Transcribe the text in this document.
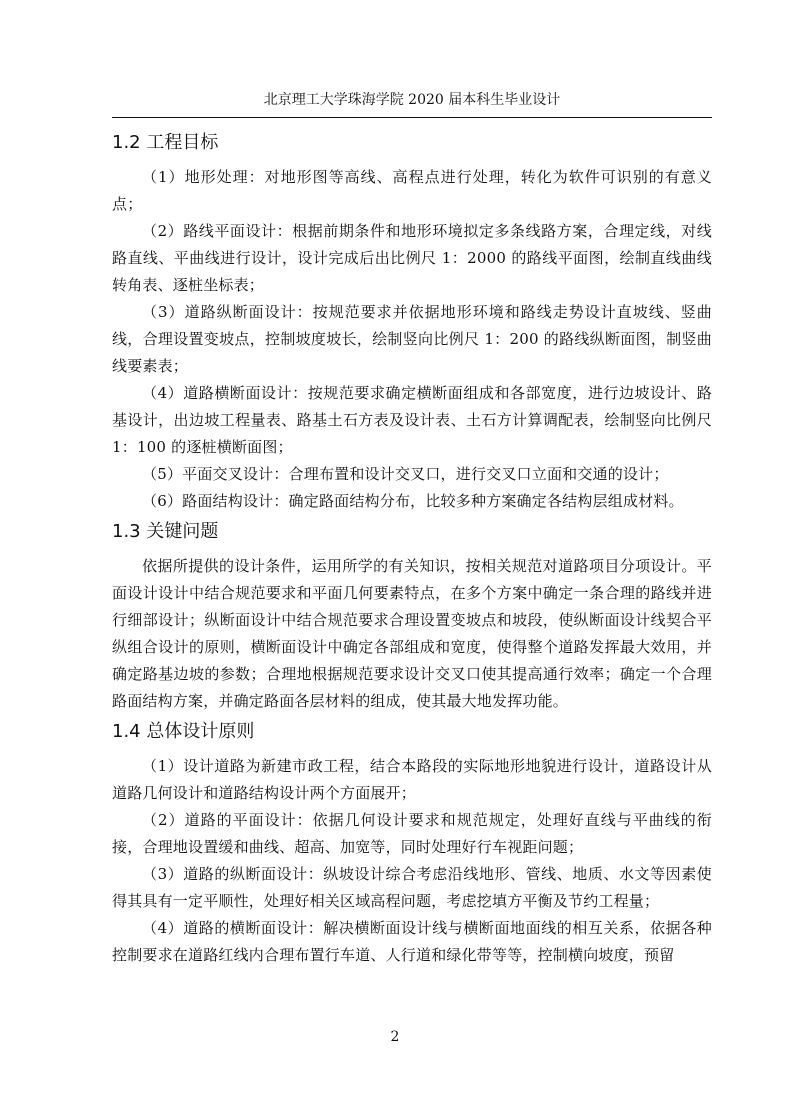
北京理工大学珠海学院 2020 届本科生毕业设计
1.2 工程目标

（1）地形处理：对地形图等高线、高程点进行处理，转化为软件可识别的有意义点；

（2）路线平面设计：根据前期条件和地形环境拟定多条线路方案，合理定线，对线路直线、平曲线进行设计，设计完成后出比例尺 1：2000 的路线平面图，绘制直线曲线转角表、逐桩坐标表；

（3）道路纵断面设计：按规范要求并依据地形环境和路线走势设计直坡线、竖曲线，合理设置变坡点，控制坡度坡长，绘制竖向比例尺 1：200 的路线纵断面图，制竖曲线要素表；

（4）道路横断面设计：按规范要求确定横断面组成和各部宽度，进行边坡设计、路基设计，出边坡工程量表、路基土石方表及设计表、土石方计算调配表，绘制竖向比例尺 1：100 的逐桩横断面图；

（5）平面交叉设计：合理布置和设计交叉口，进行交叉口立面和交通的设计；

（6）路面结构设计：确定路面结构分布，比较多种方案确定各结构层组成材料。

1.3 关键问题

依据所提供的设计条件，运用所学的有关知识，按相关规范对道路项目分项设计。平面设计设计中结合规范要求和平面几何要素特点，在多个方案中确定一条合理的路线并进行细部设计；纵断面设计中结合规范要求合理设置变坡点和坡段，使纵断面设计线契合平纵组合设计的原则，横断面设计中确定各部组成和宽度，使得整个道路发挥最大效用，并确定路基边坡的参数；合理地根据规范要求设计交叉口使其提高通行效率；确定一个合理路面结构方案，并确定路面各层材料的组成，使其最大地发挥功能。

1.4 总体设计原则

（1）设计道路为新建市政工程，结合本路段的实际地形地貌进行设计，道路设计从道路几何设计和道路结构设计两个方面展开；

（2）道路的平面设计：依据几何设计要求和规范规定，处理好直线与平曲线的衔接，合理地设置缓和曲线、超高、加宽等，同时处理好行车视距问题；

（3）道路的纵断面设计：纵坡设计综合考虑沿线地形、管线、地质、水文等因素使得其具有一定平顺性，处理好相关区域高程问题，考虑挖填方平衡及节约工程量；

（4）道路的横断面设计：解决横断面设计线与横断面地面线的相互关系，依据各种控制要求在道路红线内合理布置行车道、人行道和绿化带等等，控制横向坡度，预留

2
